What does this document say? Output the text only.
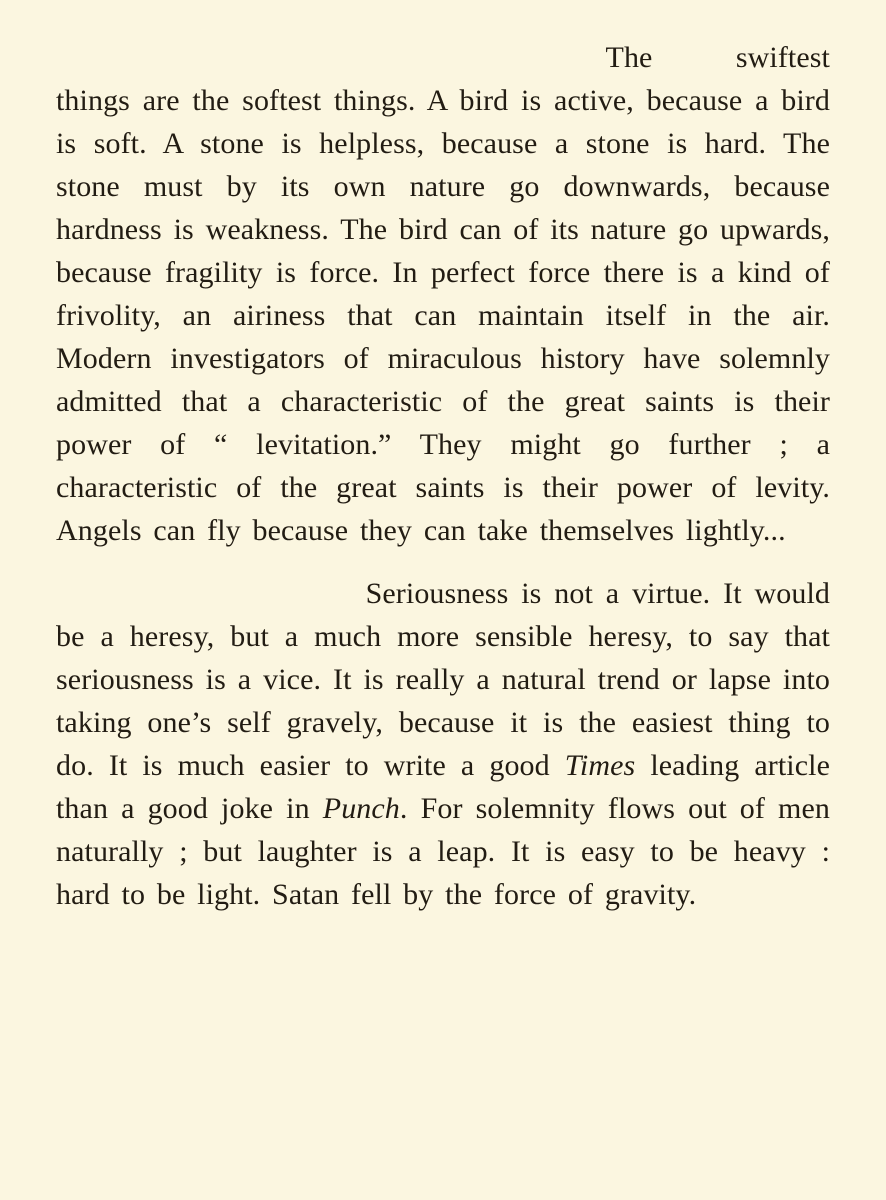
The swiftest things are the softest things. A bird is active, because a bird is soft. A stone is helpless, because a stone is hard. The stone must by its own nature go downwards, because hardness is weakness. The bird can of its nature go upwards, because fragility is force. In perfect force there is a kind of frivolity, an airiness that can maintain itself in the air. Modern investigators of miraculous history have solemnly admitted that a characteristic of the great saints is their power of “ levitation.” They might go further ; a characteristic of the great saints is their power of levity. Angels can fly because they can take themselves lightly...

Seriousness is not a virtue. It would be a heresy, but a much more sensible heresy, to say that seriousness is a vice. It is really a natural trend or lapse into taking one’s self gravely, because it is the easiest thing to do. It is much easier to write a good Times leading article than a good joke in Punch. For solemnity flows out of men naturally ; but laughter is a leap. It is easy to be heavy : hard to be light. Satan fell by the force of gravity.
